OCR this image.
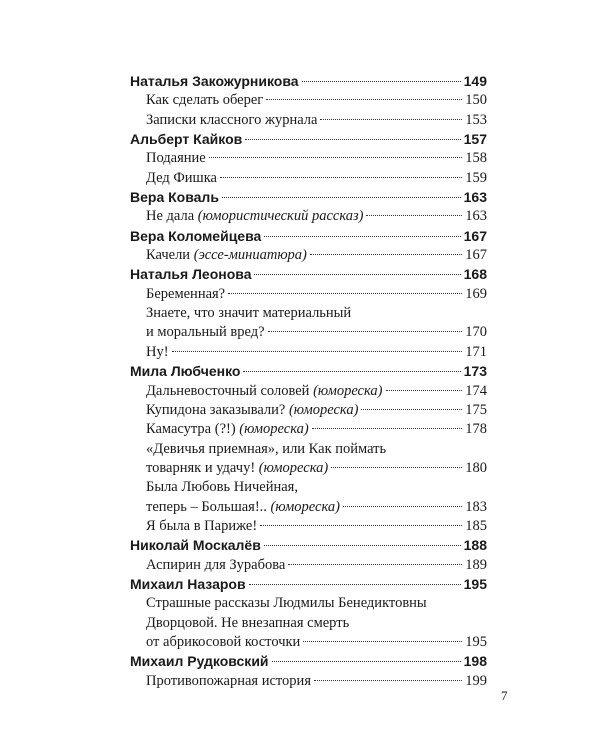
Наталья Закожурникова	149
Как сделать оберег	150
Записки классного журнала	153
Альберт Кайков	157
Подаяние	158
Дед Фишка	159
Вера Коваль	163
Не дала (юмористический рассказ)	163
Вера Коломейцева	167
Качели (эссе-миниатюра)	167
Наталья Леонова	168
Беременная?	169
Знаете, что значит материальный
и моральный вред?	170
Ну!	171
Мила Любченко	173
Дальневосточный соловей (юмореска)	174
Купидона заказывали? (юмореска)	175
Камасутра (?!) (юмореска)	178
«Девичья приемная», или Как поймать
товарняк и удачу! (юмореска)	180
Была Любовь Ничейная,
теперь – Большая!.. (юмореска)	183
Я была в Париже!	185
Николай Москалёв	188
Аспирин для Зурабова	189
Михаил Назаров	195
Страшные рассказы Людмилы Бенедиктовны
Дворцовой. Не внезапная смерть
от абрикосовой косточки	195
Михаил Рудковский	198
Противопожарная история	199
7
